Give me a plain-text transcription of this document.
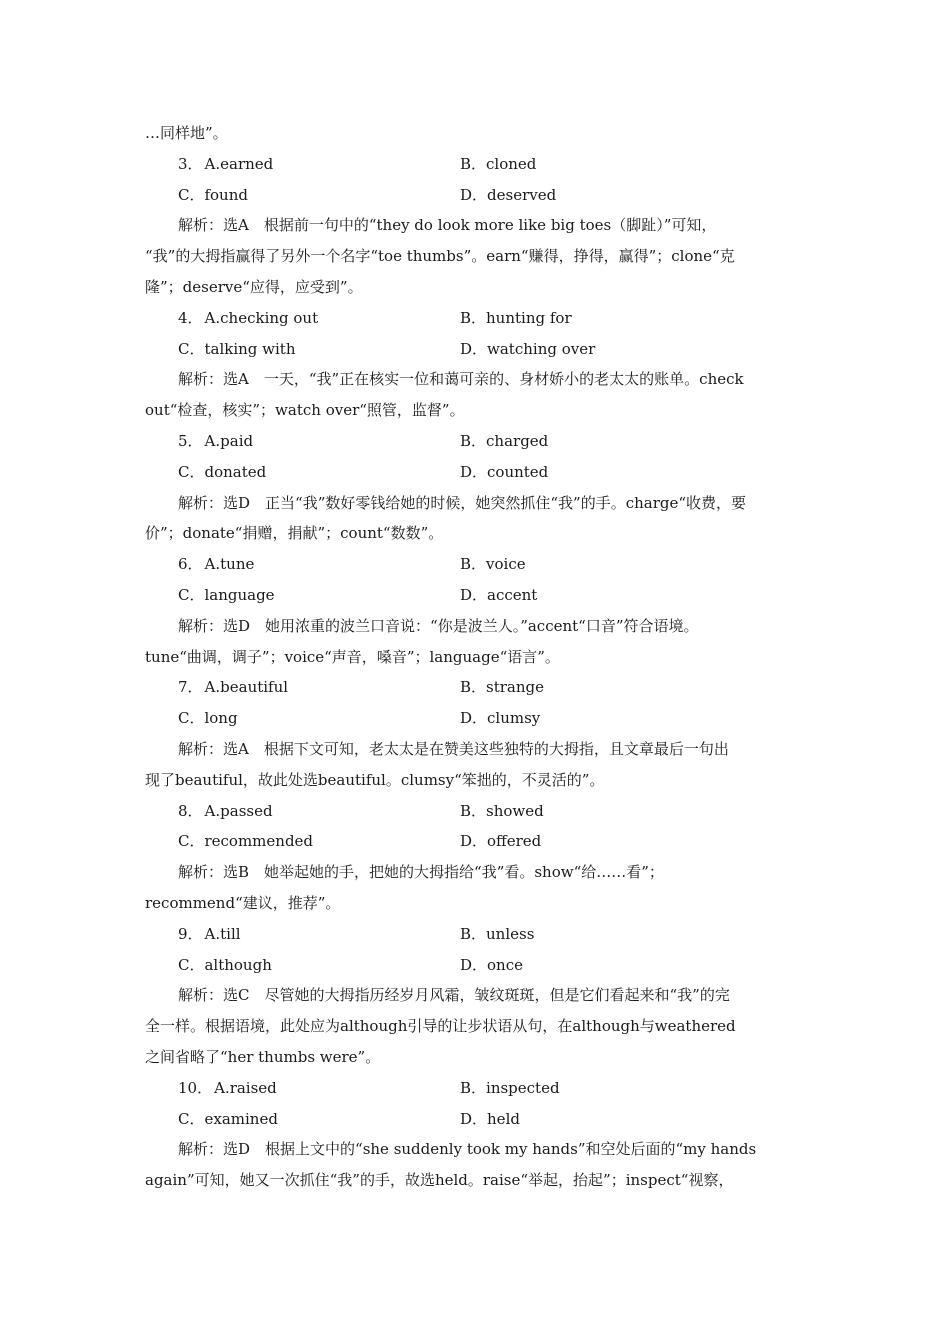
…同样地”。
3． A.earned	B．cloned
C．found	D．deserved
解析：选A　根据前一句中的“they do look more like big toes（脚趾）”可知，
“我”的大拇指赢得了另外一个名字“toe thumbs”。earn“赚得，挣得，赢得”；clone“克
隆”；deserve“应得，应受到”。
4． A.checking out	B．hunting for
C．talking with	D．watching over
解析：选A　一天，“我”正在核实一位和蔼可亲的、身材娇小的老太太的账单。check
out“检查，核实”；watch over“照管，监督”。
5． A.paid	B．charged
C．donated	D．counted
解析：选D　正当“我”数好零钱给她的时候，她突然抓住“我”的手。charge“收费，要
价”；donate“捐赠，捐献”；count“数数”。
6． A.tune	B．voice
C．language	D．accent
解析：选D　她用浓重的波兰口音说：“你是波兰人。”accent“口音”符合语境。
tune“曲调，调子”；voice“声音，嗓音”；language“语言”。
7． A.beautiful	B．strange
C．long	D．clumsy
解析：选A　根据下文可知，老太太是在赞美这些独特的大拇指，且文章最后一句出
现了beautiful，故此处选beautiful。clumsy“笨拙的，不灵活的”。
8． A.passed	B．showed
C．recommended	D．offered
解析：选B　她举起她的手，把她的大拇指给“我”看。show“给……看”；
recommend“建议，推荐”。
9． A.till	B．unless
C．although	D．once
解析：选C　尽管她的大拇指历经岁月风霜，皱纹斑斑，但是它们看起来和“我”的完
全一样。根据语境，此处应为although引导的让步状语从句，在although与weathered
之间省略了“her thumbs were”。
10． A.raised	B．inspected
C．examined	D．held
解析：选D　根据上文中的“she suddenly took my hands”和空处后面的“my hands
again”可知，她又一次抓住“我”的手，故选held。raise“举起，抬起”；inspect“视察，
